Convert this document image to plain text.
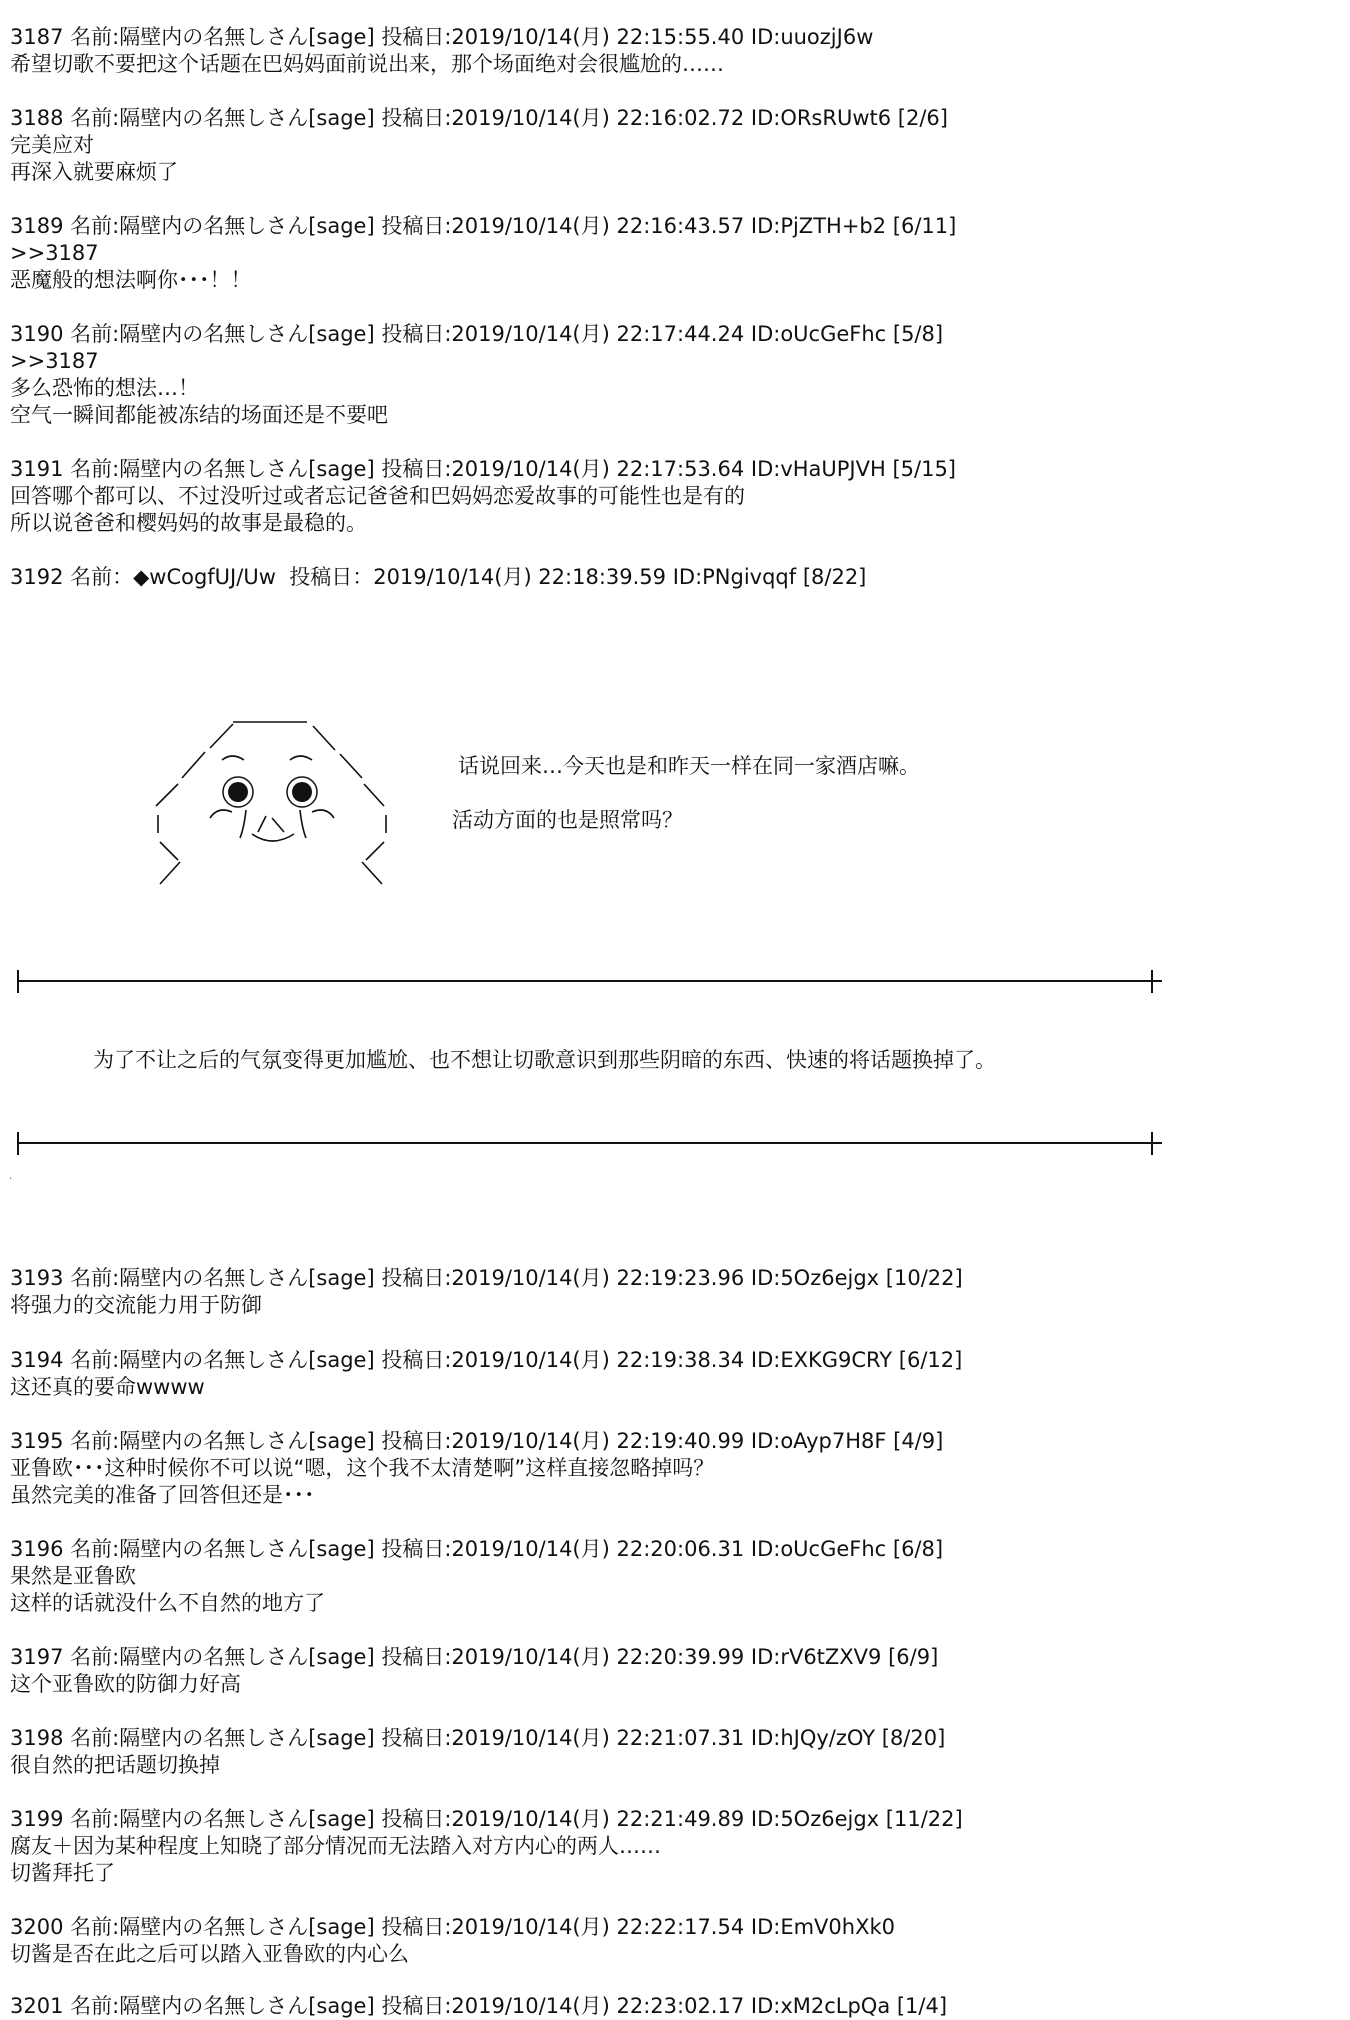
3187 名前:隔壁内の名無しさん[sage] 投稿日:2019/10/14(月) 22:15:55.40 ID:uuozjJ6w
希望切歌不要把这个话题在巴妈妈面前说出来，那个场面绝对会很尴尬的……
3188 名前:隔壁内の名無しさん[sage] 投稿日:2019/10/14(月) 22:16:02.72 ID:ORsRUwt6 [2/6]
完美应对
再深入就要麻烦了
3189 名前:隔壁内の名無しさん[sage] 投稿日:2019/10/14(月) 22:16:43.57 ID:PjZTH+b2 [6/11]
>>3187
恶魔般的想法啊你･･･！！
3190 名前:隔壁内の名無しさん[sage] 投稿日:2019/10/14(月) 22:17:44.24 ID:oUcGeFhc [5/8]
>>3187
多么恐怖的想法…！
空气一瞬间都能被冻结的场面还是不要吧
3191 名前:隔壁内の名無しさん[sage] 投稿日:2019/10/14(月) 22:17:53.64 ID:vHaUPJVH [5/15]
回答哪个都可以、不过没听过或者忘记爸爸和巴妈妈恋爱故事的可能性也是有的
所以说爸爸和樱妈妈的故事是最稳的。
3192 名前：◆wCogfUJ/Uw  投稿日：2019/10/14(月) 22:18:39.59 ID:PNgivqqf [8/22]
话说回来…今天也是和昨天一样在同一家酒店嘛。
活动方面的也是照常吗？
为了不让之后的气氛变得更加尴尬、也不想让切歌意识到那些阴暗的东西、快速的将话题换掉了。
.
3193 名前:隔壁内の名無しさん[sage] 投稿日:2019/10/14(月) 22:19:23.96 ID:5Oz6ejgx [10/22]
将强力的交流能力用于防御
3194 名前:隔壁内の名無しさん[sage] 投稿日:2019/10/14(月) 22:19:38.34 ID:EXKG9CRY [6/12]
这还真的要命wwww
3195 名前:隔壁内の名無しさん[sage] 投稿日:2019/10/14(月) 22:19:40.99 ID:oAyp7H8F [4/9]
亚鲁欧･･･这种时候你不可以说“嗯，这个我不太清楚啊”这样直接忽略掉吗？
虽然完美的准备了回答但还是･･･
3196 名前:隔壁内の名無しさん[sage] 投稿日:2019/10/14(月) 22:20:06.31 ID:oUcGeFhc [6/8]
果然是亚鲁欧
这样的话就没什么不自然的地方了
3197 名前:隔壁内の名無しさん[sage] 投稿日:2019/10/14(月) 22:20:39.99 ID:rV6tZXV9 [6/9]
这个亚鲁欧的防御力好高
3198 名前:隔壁内の名無しさん[sage] 投稿日:2019/10/14(月) 22:21:07.31 ID:hJQy/zOY [8/20]
很自然的把话题切换掉
3199 名前:隔壁内の名無しさん[sage] 投稿日:2019/10/14(月) 22:21:49.89 ID:5Oz6ejgx [11/22]
腐友＋因为某种程度上知晓了部分情况而无法踏入对方内心的两人……
切酱拜托了
3200 名前:隔壁内の名無しさん[sage] 投稿日:2019/10/14(月) 22:22:17.54 ID:EmV0hXk0
切酱是否在此之后可以踏入亚鲁欧的内心么
3201 名前:隔壁内の名無しさん[sage] 投稿日:2019/10/14(月) 22:23:02.17 ID:xM2cLpQa [1/4]
